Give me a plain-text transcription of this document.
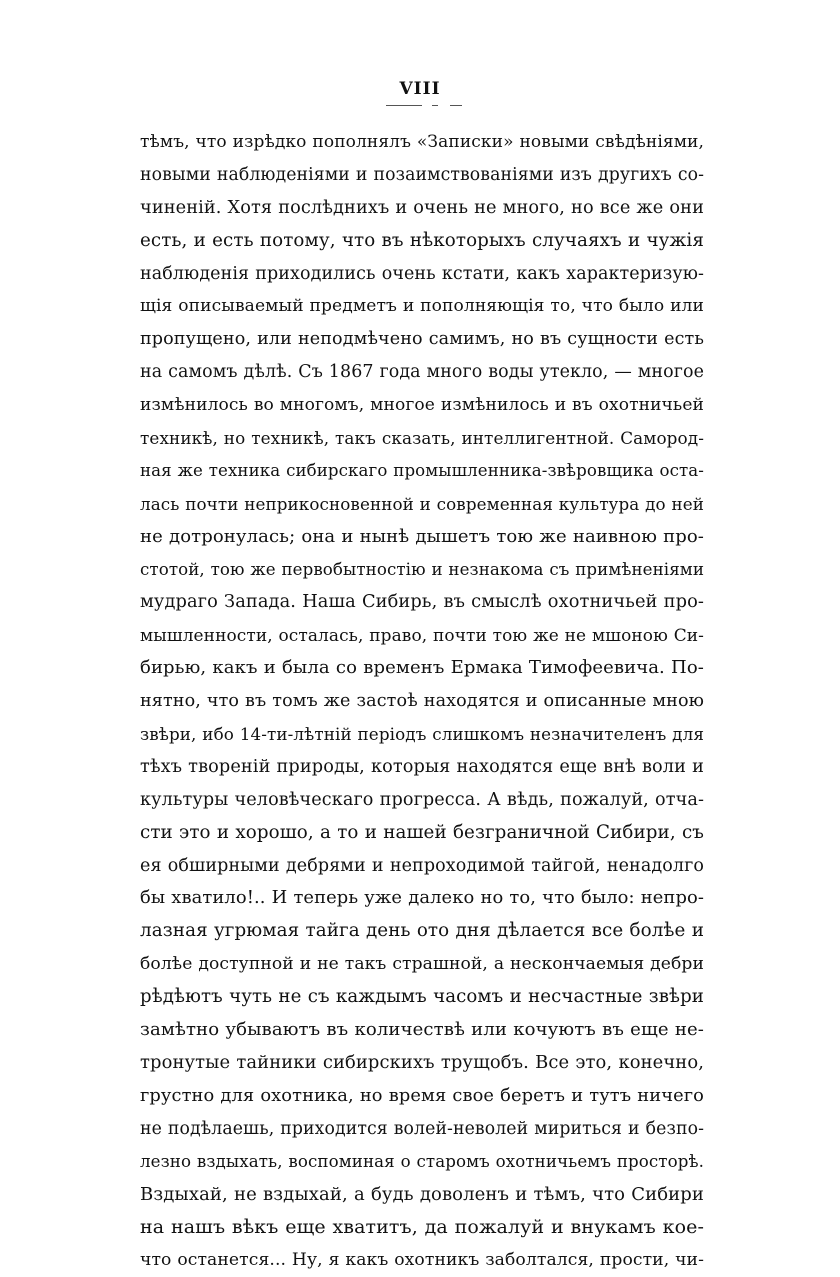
VIII
тѣмъ, что изрѣдко пополнялъ «Записки» новыми свѣдѣніями,
новыми наблюденіями и позаимствованіями изъ другихъ со-
чиненій. Хотя послѣднихъ и очень не много, но все же они
есть, и есть потому, что въ нѣкоторыхъ случаяхъ и чужія
наблюденія приходились очень кстати, какъ характеризую-
щія описываемый предметъ и пополняющія то, что было или
пропущено, или неподмѣчено самимъ, но въ сущности есть
на самомъ дѣлѣ. Съ 1867 года много воды утекло, — многое
измѣнилось во многомъ, многое измѣнилось и въ охотничьей
техникѣ, но техникѣ, такъ сказать, интеллигентной. Самород-
ная же техника сибирскаго промышленника-звѣровщика оста-
лась почти неприкосновенной и современная культура до ней
не дотронулась; она и нынѣ дышетъ тою же наивною про-
стотой, тою же первобытностію и незнакома съ примѣненіями
мудраго Запада. Наша Сибирь, въ смыслѣ охотничьей про-
мышленности, осталась, право, почти тою же не мшоною Си-
бирью, какъ и была со временъ Ермака Тимофеевича. По-
нятно, что въ томъ же застоѣ находятся и описанные мною
звѣри, ибо 14-ти-лѣтній періодъ слишкомъ незначителенъ для
тѣхъ твореній природы, которыя находятся еще внѣ воли и
культуры человѣческаго прогресса. А вѣдь, пожалуй, отча-
сти это и хорошо, а то и нашей безграничной Сибири, съ
ея обширными дебрями и непроходимой тайгой, ненадолго
бы хватило!.. И теперь уже далеко но то, что было: непро-
лазная угрюмая тайга день ото дня дѣлается все болѣе и
болѣе доступной и не такъ страшной, а нескончаемыя дебри
рѣдѣютъ чуть не съ каждымъ часомъ и несчастные звѣри
замѣтно убываютъ въ количествѣ или кочуютъ въ еще не-
тронутые тайники сибирскихъ трущобъ. Все это, конечно,
грустно для охотника, но время свое беретъ и тутъ ничего
не подѣлаешь, приходится волей-неволей мириться и безпо-
лезно вздыхать, воспоминая о старомъ охотничьемъ просторѣ.
Вздыхай, не вздыхай, а будь доволенъ и тѣмъ, что Сибири
на нашъ вѣкъ еще хватитъ, да пожалуй и внукамъ кое-
что останется... Ну, я какъ охотникъ заболтался, прости, чи-
